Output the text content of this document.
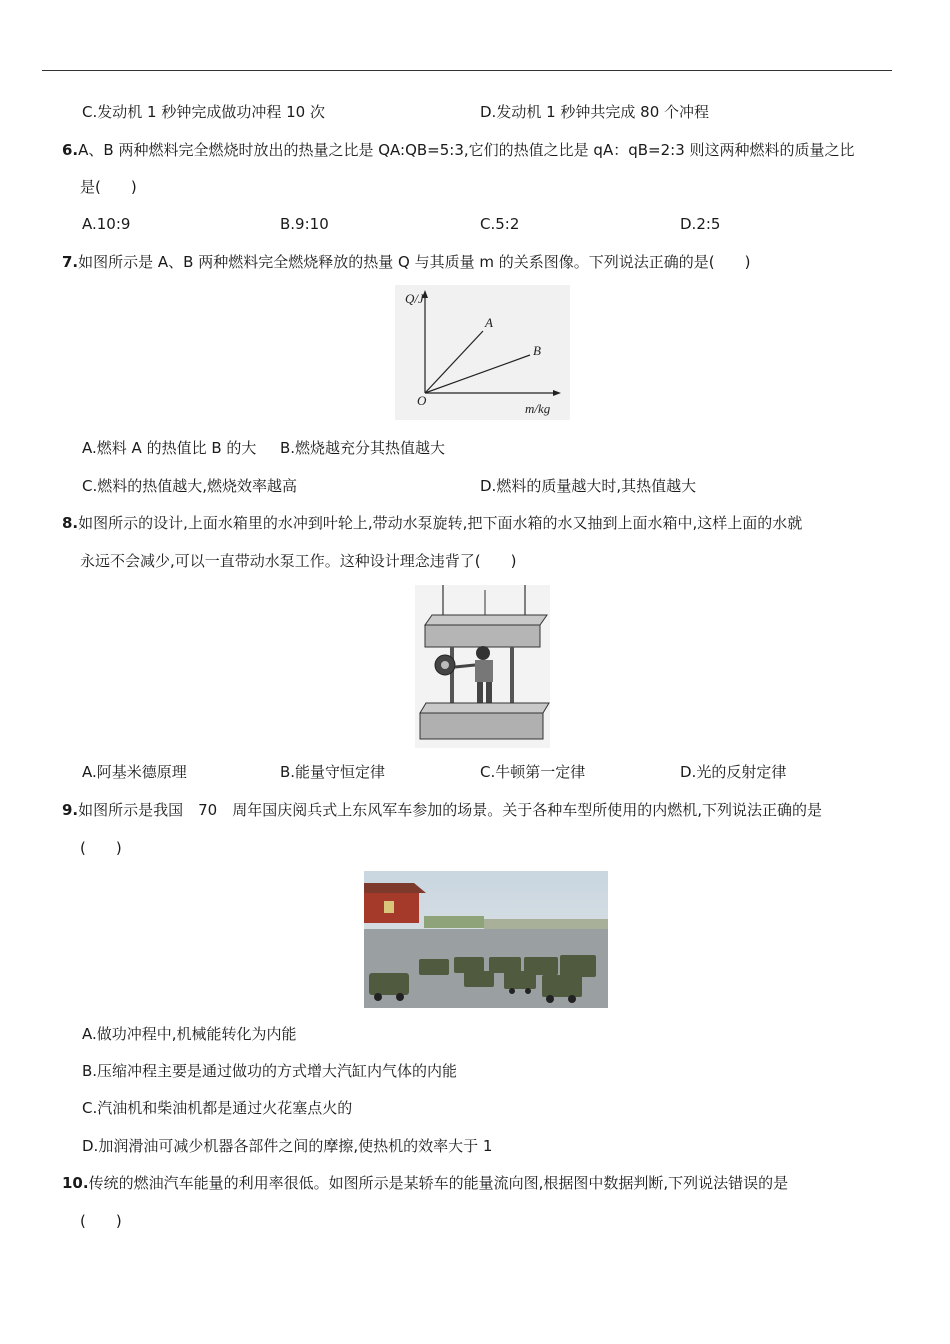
C.发动机 1 秒钟完成做功冲程 10 次	D.发动机 1 秒钟共完成 80 个冲程
6.A、B 两种燃料完全燃烧时放出的热量之比是 QA:QB=5:3,它们的热值之比是 qA：qB=2:3 则这两种燃料的质量之比
是(　　)
A.10:9	B.9:10	C.5:2	D.2:5
7.如图所示是 A、B 两种燃料完全燃烧释放的热量 Q 与其质量 m 的关系图像。下列说法正确的是(　　)
Q/J
A
B
O
m/kg
A.燃料 A 的热值比 B 的大 B.燃烧越充分其热值越大
C.燃料的热值越大,燃烧效率越高	D.燃料的质量越大时,其热值越大
8.如图所示的设计,上面水箱里的水冲到叶轮上,带动水泵旋转,把下面水箱的水又抽到上面水箱中,这样上面的水就
永远不会减少,可以一直带动水泵工作。这种设计理念违背了(　　)
A.阿基米德原理	B.能量守恒定律	C.牛顿第一定律	D.光的反射定律
9.如图所示是我国　70　周年国庆阅兵式上东风军车参加的场景。关于各种车型所使用的内燃机,下列说法正确的是
(　　)
A.做功冲程中,机械能转化为内能
B.压缩冲程主要是通过做功的方式增大汽缸内气体的内能
C.汽油机和柴油机都是通过火花塞点火的
D.加润滑油可减少机器各部件之间的摩擦,使热机的效率大于 1
10.传统的燃油汽车能量的利用率很低。如图所示是某轿车的能量流向图,根据图中数据判断,下列说法错误的是
(　　)
